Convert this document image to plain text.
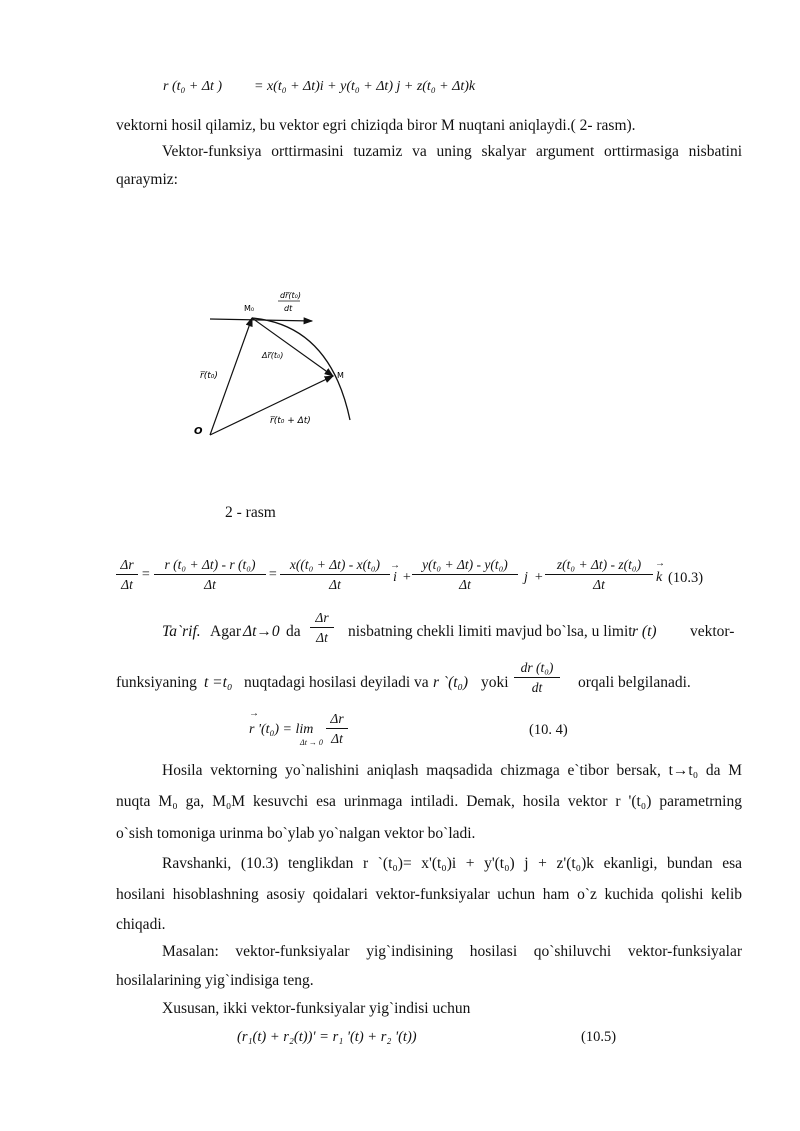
r (t₀ + Δt ) = x(t₀ + Δt)i + y(t₀ + Δt) j + z(t₀ + Δt)k
vektorni hosil qilamiz, bu vektor egri chiziqda biror M nuqtani aniqlaydi.( 2- rasm).
Vektor-funksiya orttirmasini tuzamiz va uning skalyar argument orttirmasiga nisbatini
qaraymiz:
M₀
dr̅(t₀)
dt
Δr̅(t₀)
M
r̅(t₀)
r̅(t₀ + Δt)
O
2 - rasm
Δr
Δt
=
r (t₀ + Δt) - r (t₀)
Δt
=
x((t₀ + Δt) - x(t₀)
Δt
→
i +
y(t₀ + Δt) - y(t₀)
Δt	j +
z(t₀ + Δt) - z(t₀)
Δt
→
k (10.3)
Ta`rif. Agar Δt→0 da
Δr
Δt	nisbatning chekli limiti mavjud bo`lsa, u limit r (t) vektor-
funksiyaning t =t₀ nuqtadagi hosilasi deyiladi va r `(t₀) yoki
dr (t₀)
dt	orqali belgilanadi.
→
r '(t₀) = lim
Δt → 0
Δr
Δt
(10. 4)
Hosila vektorning yo`nalishini aniqlash maqsadida chizmaga e`tibor bersak, t→t₀ da M
nuqta M₀ ga, M₀M kesuvchi esa urinmaga intiladi. Demak, hosila vektor r '(t₀) parametrning
o`sish tomoniga urinma bo`ylab yo`nalgan vektor bo`ladi.
Ravshanki, (10.3) tenglikdan r `(t₀)= x'(t₀)i + y'(t₀) j + z'(t₀)k ekanligi, bundan esa
hosilani hisoblashning asosiy qoidalari vektor-funksiyalar uchun ham o`z kuchida qolishi kelib
chiqadi.
Masalan: vektor-funksiyalar yig`indisining hosilasi qo`shiluvchi vektor-funksiyalar
hosilalarining yig`indisiga teng.
Xususan, ikki vektor-funksiyalar yig`indisi uchun
(r₁(t) + r₂(t))' = r₁ '(t) + r₂ '(t))	(10.5)
